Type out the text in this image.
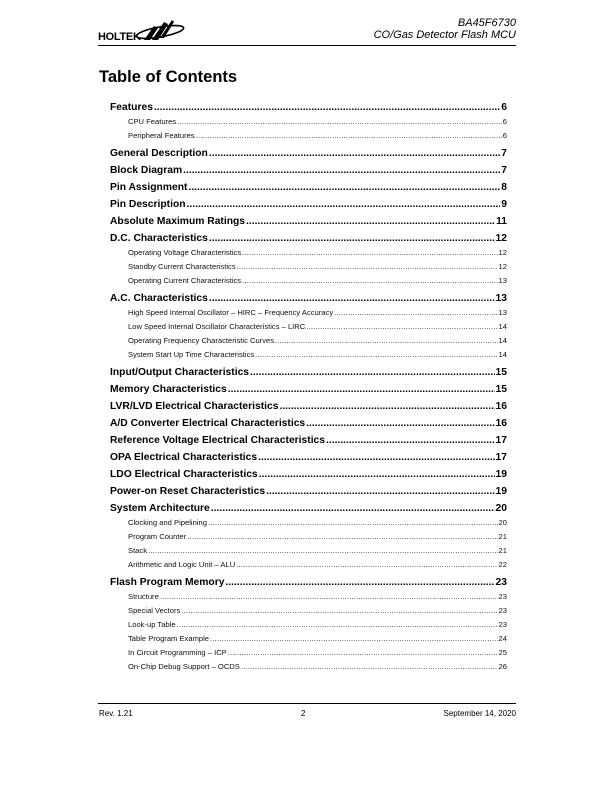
HOLTEK
BA45F6730
CO/Gas Detector Flash MCU
Table of Contents
Features .....	6
CPU Features .....	6
Peripheral Features .....	6
General Description .....	7
Block Diagram .....	7
Pin Assignment .....	8
Pin Description .....	9
Absolute Maximum Ratings .....	11
D.C. Characteristics .....	12
Operating Voltage Characteristics .....	12
Standby Current Characteristics .....	12
Operating Current Characteristics .....	13
A.C. Characteristics .....	13
High Speed Internal Oscillator – HIRC – Frequency Accuracy .....	13
Low Speed Internal Oscillator Characteristics – LIRC .....	14
Operating Frequency Characteristic Curves .....	14
System Start Up Time Characteristics .....	14
Input/Output Characteristics .....	15
Memory Characteristics .....	15
LVR/LVD Electrical Characteristics .....	16
A/D Converter Electrical Characteristics .....	16
Reference Voltage Electrical Characteristics .....	17
OPA Electrical Characteristics .....	17
LDO Electrical Characteristics .....	19
Power-on Reset Characteristics .....	19
System Architecture .....	20
Clocking and Pipelining .....	20
Program Counter .....	21
Stack .....	21
Arithmetic and Logic Unit – ALU .....	22
Flash Program Memory .....	23
Structure .....	23
Special Vectors .....	23
Look-up Table .....	23
Table Program Example .....	24
In Circuit Programming – ICP .....	25
On-Chip Debug Support – OCDS .....	26
Rev. 1.21	2	September 14, 2020
